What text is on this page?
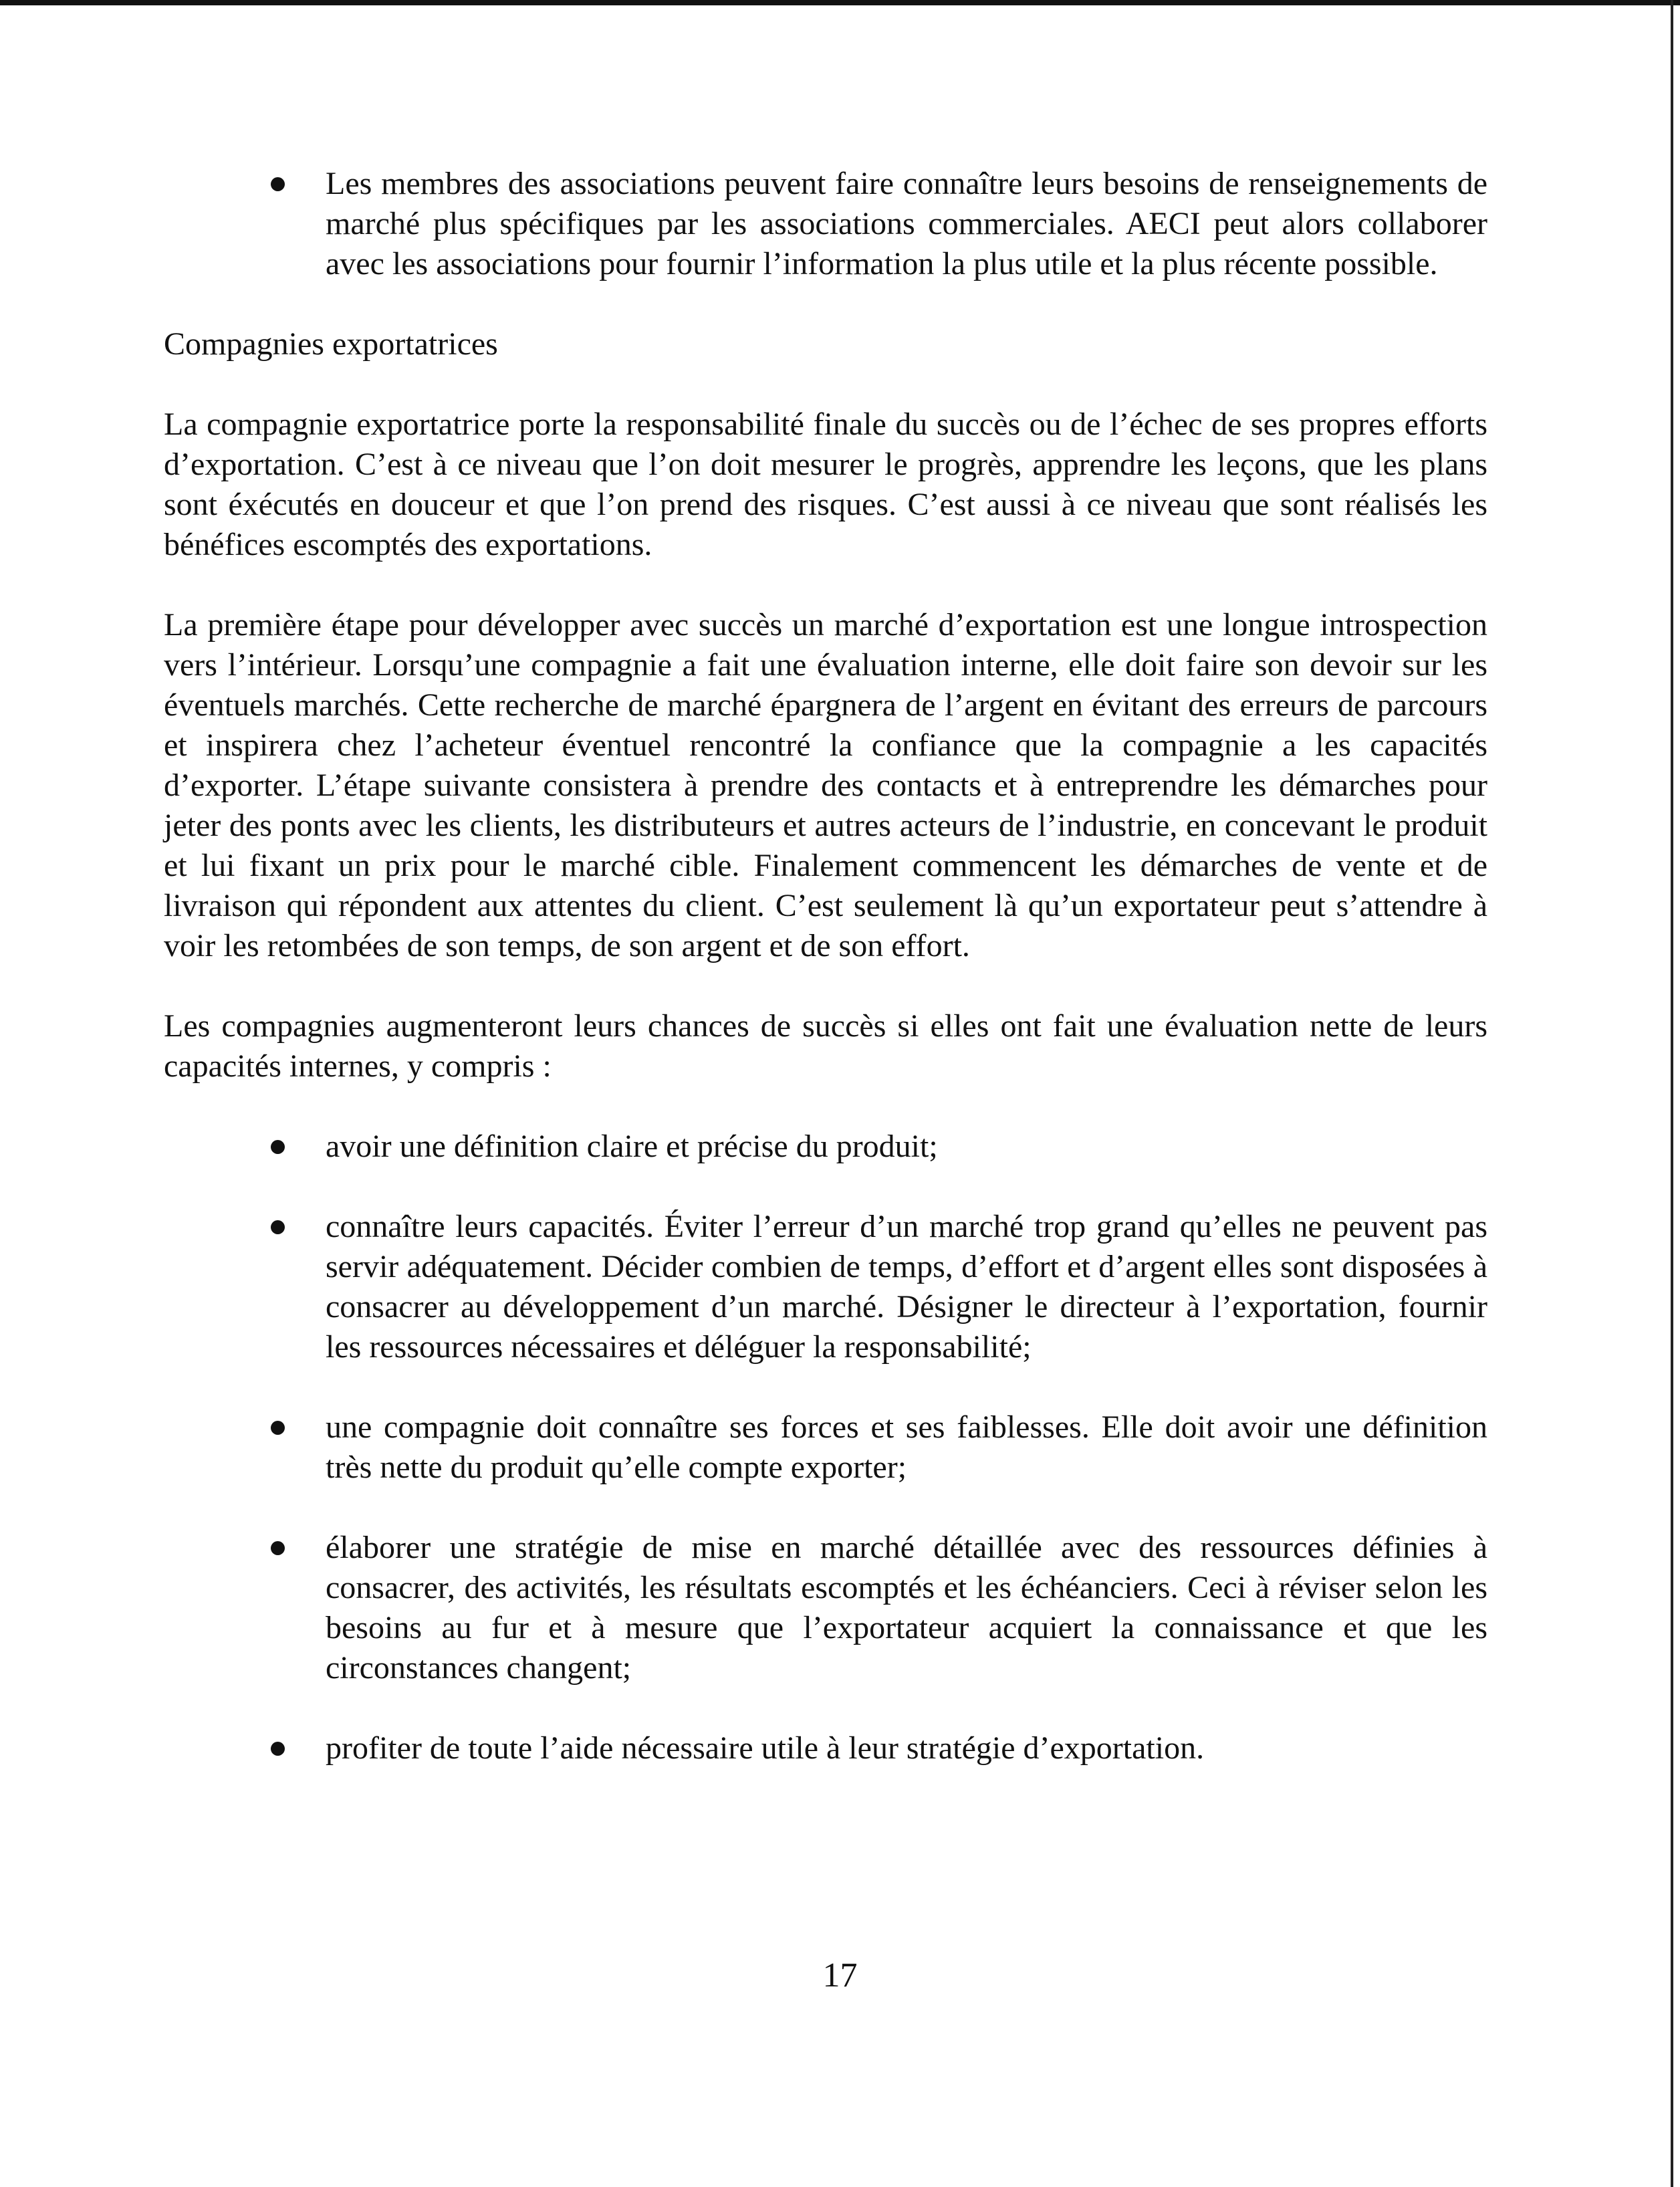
Les membres des associations peuvent faire connaître leurs besoins de renseignements de marché plus spécifiques par les associations commerciales. AECI peut alors collaborer avec les associations pour fournir l’information la plus utile et la plus récente possible.
Compagnies exportatrices
La compagnie exportatrice porte la responsabilité finale du succès ou de l’échec de ses propres efforts d’exportation. C’est à ce niveau que l’on doit mesurer le progrès, apprendre les leçons, que les plans sont éxécutés en douceur et que l’on prend des risques. C’est aussi à ce niveau que sont réalisés les bénéfices escomptés des exportations.
La première étape pour développer avec succès un marché d’exportation est une longue introspection vers l’intérieur. Lorsqu’une compagnie a fait une évaluation interne, elle doit faire son devoir sur les éventuels marchés. Cette recherche de marché épargnera de l’argent en évitant des erreurs de parcours et inspirera chez l’acheteur éventuel rencontré la confiance que la compagnie a les capacités d’exporter. L’étape suivante consistera à prendre des contacts et à entreprendre les démarches pour jeter des ponts avec les clients, les distributeurs et autres acteurs de l’industrie, en concevant le produit et lui fixant un prix pour le marché cible. Finalement commencent les démarches de vente et de livraison qui répondent aux attentes du client. C’est seulement là qu’un exportateur peut s’attendre à voir les retombées de son temps, de son argent et de son effort.
Les compagnies augmenteront leurs chances de succès si elles ont fait une évaluation nette de leurs capacités internes, y compris :
avoir une définition claire et précise du produit;
connaître leurs capacités. Éviter l’erreur d’un marché trop grand qu’elles ne peuvent pas servir adéquatement. Décider combien de temps, d’effort et d’argent elles sont disposées à consacrer au développement d’un marché. Désigner le directeur à l’exportation, fournir les ressources nécessaires et déléguer la responsabilité;
une compagnie doit connaître ses forces et ses faiblesses. Elle doit avoir une définition très nette du produit qu’elle compte exporter;
élaborer une stratégie de mise en marché détaillée avec des ressources définies à consacrer, des activités, les résultats escomptés et les échéanciers. Ceci à réviser selon les besoins au fur et à mesure que l’exportateur acquiert la connaissance et que les circonstances changent;
profiter de toute l’aide nécessaire utile à leur stratégie d’exportation.
17
